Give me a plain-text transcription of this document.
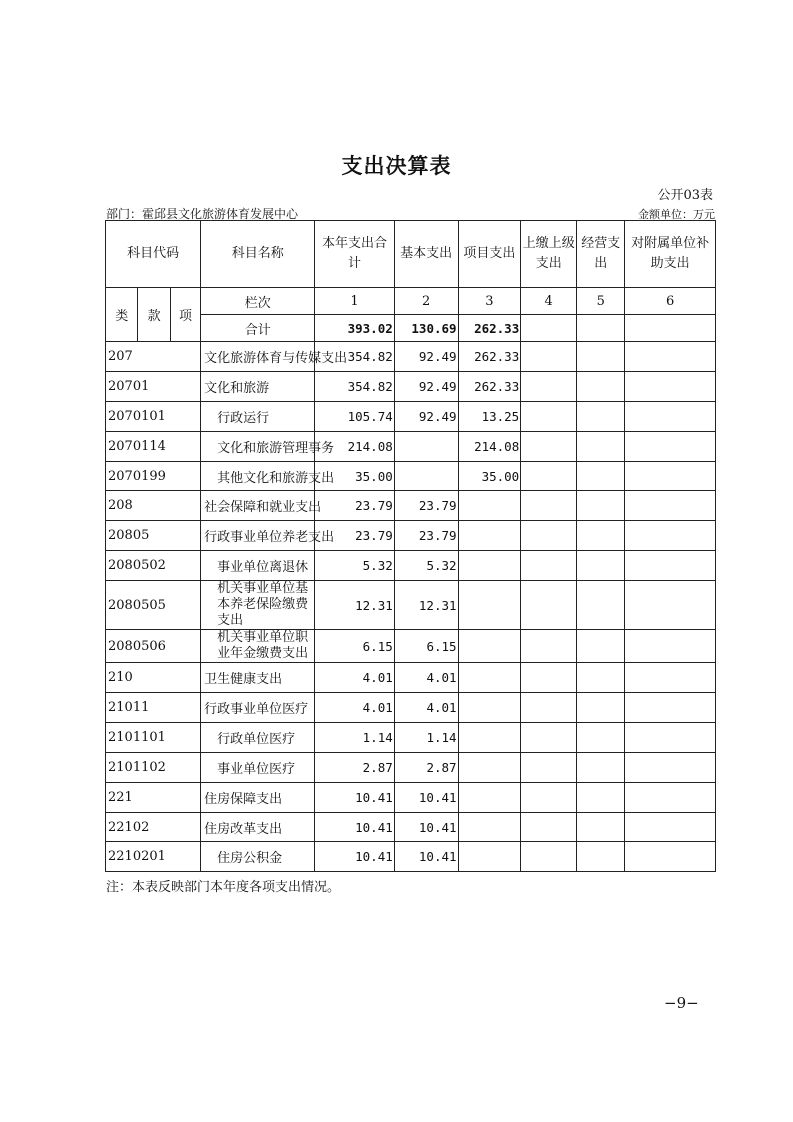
支出决算表
公开03表
部门：霍邱县文化旅游体育发展中心	金额单位：万元
科目代码			科目名称	本年支出合计	基本支出	项目支出	上缴上级支出	经营支出	对附属单位补助支出
类	款	项	栏次	1	2	3	4	5	6
			合计	393.02	130.69	262.33			
207			文化旅游体育与传媒支出	354.82	92.49	262.33			
20701			文化和旅游	354.82	92.49	262.33			
2070101			行政运行	105.74	92.49	13.25			
2070114			文化和旅游管理事务	214.08		214.08			
2070199			其他文化和旅游支出	35.00		35.00			
208			社会保障和就业支出	23.79	23.79				
20805			行政事业单位养老支出	23.79	23.79				
2080502			事业单位离退休	5.32	5.32				
2080505			机关事业单位基本养老保险缴费支出	12.31	12.31				
2080506			机关事业单位职业年金缴费支出	6.15	6.15				
210			卫生健康支出	4.01	4.01				
21011			行政事业单位医疗	4.01	4.01				
2101101			行政单位医疗	1.14	1.14				
2101102			事业单位医疗	2.87	2.87				
221			住房保障支出	10.41	10.41				
22102			住房改革支出	10.41	10.41				
2210201			住房公积金	10.41	10.41				
注：本表反映部门本年度各项支出情况。
−9−
